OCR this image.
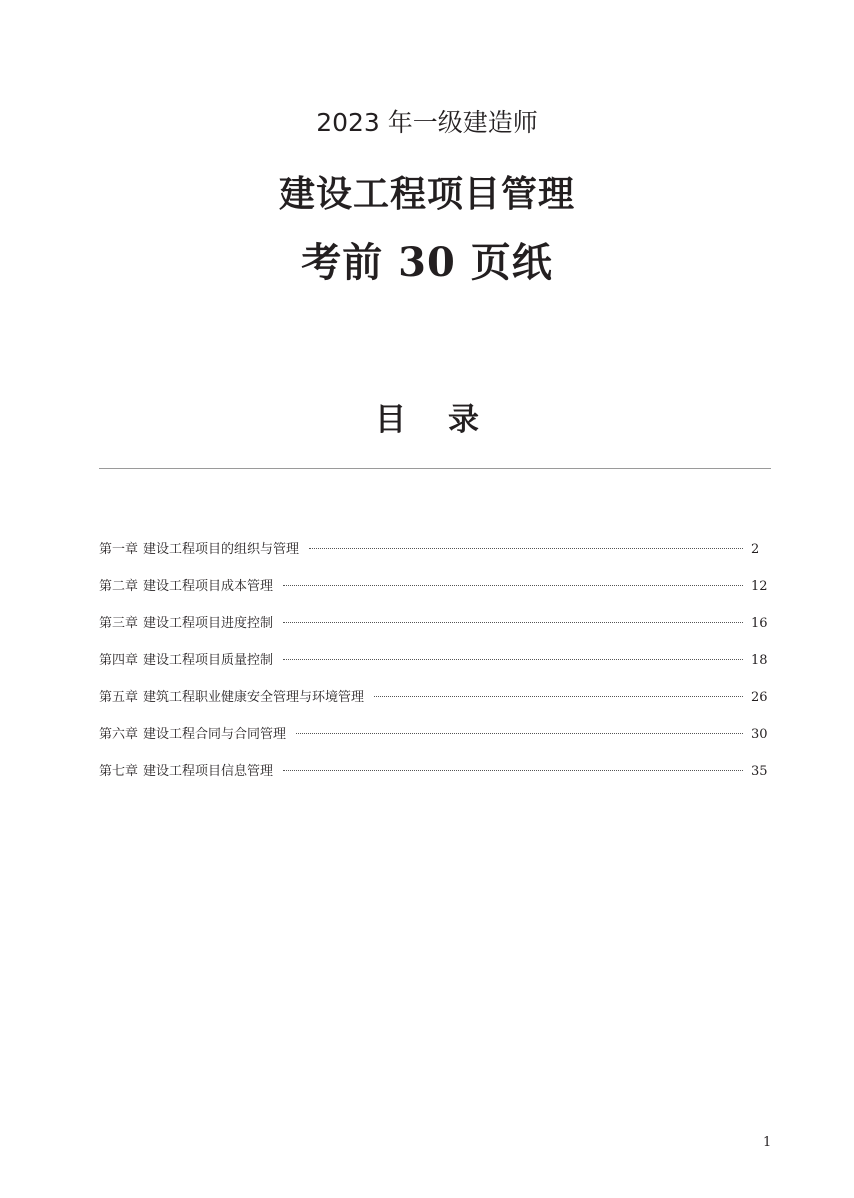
2023 年一级建造师
建设工程项目管理
考前 30 页纸
目录
第一章 建设工程项目的组织与管理	2
第二章 建设工程项目成本管理	12
第三章 建设工程项目进度控制	16
第四章 建设工程项目质量控制	18
第五章 建筑工程职业健康安全管理与环境管理	26
第六章 建设工程合同与合同管理	30
第七章 建设工程项目信息管理	35
1
